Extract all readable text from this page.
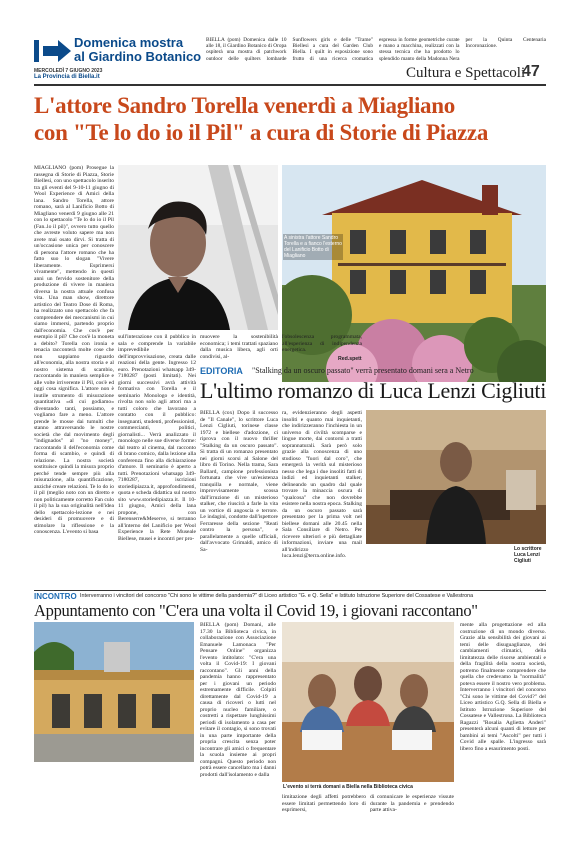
Domenica mostra
al Giardino Botanico
BIELLA (pom) Domenica dalle 10 alle 18, il Giardino Botanico di Oropa ospiterà una mostra di patchwork outdoor delle quilters lombarde Sunflowers girls e delle "Trame" Biellesi a cura del Garden Club Biella. I quilt in esposizione sono frutto di una ricerca cromatica espressa in forme geometriche curate e mano a macchina, realizzati con la stessa tecnica che ha prodotto lo splendido manto della Madonna Nera per la Quinta Centenaria Incoronazione.
MERCOLEDÌ 7 GIUGNO 2023
La Provincia di Biella.it	Cultura e Spettacoli
47
L'attore Sandro Torella venerdì a Miagliano
con "Te lo do io il Pil" a cura di Storie di Piazza
MIAGLIANO (pom) Prosegue la rassegna di Storie di Piazza, Storie Biellesi, con uno spettacolo inserito tra gli eventi del 9-10-11 giugno di Wool Experience di Amici della lana. Sandro Torella, attore romano, sarà al Lanificio Botto di Miagliano venerdì 9 giugno alle 21 con lo spettacolo "Te lo do io il Pil (Fan..lo il pil)", ovvero tutto quello che avreste voluto sapere ma non avete mai osato dirvi. Si tratta di un'occasione unica per conoscere di persona l'attore romano che ha fatto suo lo slogan "Vivere liberamente. Esprimersi vivamente", mettendo in questi anni un fervido sostenitore della produzione di vivere in maniera diversa la nostra attuale confusa vita. Una man show, direttore artistico del Teatro Dose di Roma, ha realizzato uno spettacolo che fa comprendere dei meccanismi in cui siamo immersi, partendo proprio dall'economia. Che cos'è per esempio il pil? Che cos'è la moneta a debito? Torella con ironia e tenacia racconterà molte cose che non sappiamo riguardo all'economia, alla nostra storia e al nostro sistema di scambio, raccontando in maniera semplice e alle volte irriverente il Pil, cos'è ed oggi cosa significa. L'attore non è inutile strumento di misurazione quantitativa «di cui godiamo» diventando tanti, possiamo, e vogliamo fare a meno. L'attore prende le mosse dai tumulti che stanno attraversando le nostre società che dal movimento degli "indignados" al "no money", raccontando il dell'economia come forma di scambio, e quindi di relazione. La nostra società sostituisce quindi la misura proprio perché tende sempre più alla misurazione, alla quantificazione, anziché creare relazioni. Te lo do io il pil (meglio noto con un diretto e non politicamente corretto Fan culo il pil) ha la sua originalità nell'idea dello spettacolo-lezione e nei desideri di promuovere e di stimolare la riflessione e la conoscenza. L'evento si basa
A sinistra l'attore Sandro Torella e a fianco l'esterno del Lanificio Botto di Miagliano
sull'interazione con il pubblico in sala e comprende la variabile imprevedibile dell'improvvisazione, creata dalle reazioni della gente. Ingresso 12 euro. Prenotazioni whatsapp 349-7180287 (posti limitati). Nei giorni successivi avrà attività formativa con Torella e il seminario Monologo e identità, rivolta non solo agli attori ma a tutti coloro che lavorano a contatto con il pubblico: insegnanti, studenti, professionisti, commercianti, politici, giornalisti... Verrà analizzato il monologo nelle sue diverse forme: dal teatro al cinema, dal racconto di brano comico, dalla lezione alla conferenza fino alla dichiarazione d'amore. Il seminario è aperto a tutti. Prenotazioni whatsapp 349-7180287, iscrizioni storiedipiazza.it, approfondimenti, quota e scheda didattica sul nostro sito www.storiedipiazza.it. Il 10-11 giugno, Amici della lana propone, con Berenserre&Meserve, si terranno all'interno del Lanificio per Wool Experience la Rete Museale Biellese, musei e incontri per pro-
muovere la sostenibilità economica; i temi trattati spaziano dalla musica libera, agli orti condivisi, al-
l'obsolescenza programmata, all'esperienza di indipendenza energetica.
Red.spett
EDITORIA "Stalking da un oscuro passato" verrà presentato domani sera a Netro
L'ultimo romanzo di Luca Lenzi Cigliuti
BIELLA (cox) Dopo il successo de "Il Canale", lo scrittore Luca Lenzi Cigliuti, torinese classe 1972 e biellese d'adozione, ci riprova con il nuovo thriller "Stalking da un oscuro passato". Si tratta di un romanzo presentato nei giorni scorsi al Salone del libro di Torino. Nella trama, Sara Ballard, campione professionista fortunata che vive un'esistenza tranquilla e normale, viene improvvisamente scossa dall'irruzione di un misterioso stalker, che riuscirà a farle la vita un vortice di angoscia e terrore. Le indagini, condotte dall'ispettore Ferraresse della sezione "Reati contro la persona", e parallelamente a quelle ufficiali, dall'avvocato Grimaldi, amico di Sa-
ra, evidenzieranno degli aspetti insoliti e quanto mai inquietanti, che indirizzeranno l'inchiesta in un universo di civiltà scomparse e lingue morte, dai contorni a tratti soprannaturali. Sarà però solo grazie alla conoscenza di uno studioso "fuori dal coro", che emergerà la verità sul misterioso nesso che lega i due insoliti fatti di indizi ed inquietanti stalker, delineando un quadro dal quale trovare la minaccia oscura di "qualcosa" che non dovrebbe esistere nella nostra epoca. Stalking da un oscuro passato sarà presentato per la prima volt nel biellese domani alle 20.45 nella Sala Consiliare di Netro. Per ricevere ulteriori e più dettagliate informazioni, inviare una mail all'indirizzo luca.lenzi@terra.online.info.
Lo scrittore Luca Lenzi Cigliuti
INCONTRO Interverranno i vincitori del concorso "Chi sono le vittime della pandemia?" di Liceo artistico "G. e Q. Sella" e Istituto Istruzione Superiore del Cossatese e Vallestrona
Appuntamento con "C'era una volta il Covid 19, i giovani raccontano"
BIELLA (pom) Domani, alle 17.30 la Biblioteca civica, in collaborazione con Associazione Emanuele Lamonaca "Per Pensare Online" organizza l'evento intitolato: "C'era una volta il Covid-19: I giovani raccontano". Gli anni della pandemia hanno rappresentato per i giovani un periodo estremamente difficile. Colpiti direttamente dal Covid-19 a causa di ricoveri o lutti nel proprio nucleo familiare, o costretti a rispettare lunghissimi periodi di isolamento a casa per evitare il contagio, si sono trovati in una parte importante della propria crescita senza poter incontrare gli amici o frequentare la scuola insieme ai propri compagni. Questo periodo non potrà essere cancellato ma i danni prodotti dall'isolamento e dalla
L'evento si terrà domani a Biella nella Biblioteca civica
limitazione degli affetti potrebbero essere limitati permettendo loro di esprimersi,
di comunicare le esperienze vissute durante la pandemia e prendendo parte attiva-
mente alla progettazione ed alla costruzione di un mondo diverso. Grazie alla sensibilità dei giovani ai temi delle disuguaglianze, dei cambiamenti climatici, della limitatezza delle risorse ambientali e della fragilità della nostra società, potremo finalmente comprendere che quella che credevamo la "normalità" poteva essere il nostro vero problema. Interverranno i vincitori del concorso "Chi sono le vittime del Covid?" del Liceo artistico G.Q. Sella di Biella e Istituto Istruzione Superiore del Cossatese e Vallestrona. La Biblioteca Ragazzi "Rosalia Aglietta Anderi" presenterà alcuni quanti di letture per bambini ai temi "Ascolti" per tutti i Covid alle spalle. L'ingresso sarà libero fino a esaurimento posti.
